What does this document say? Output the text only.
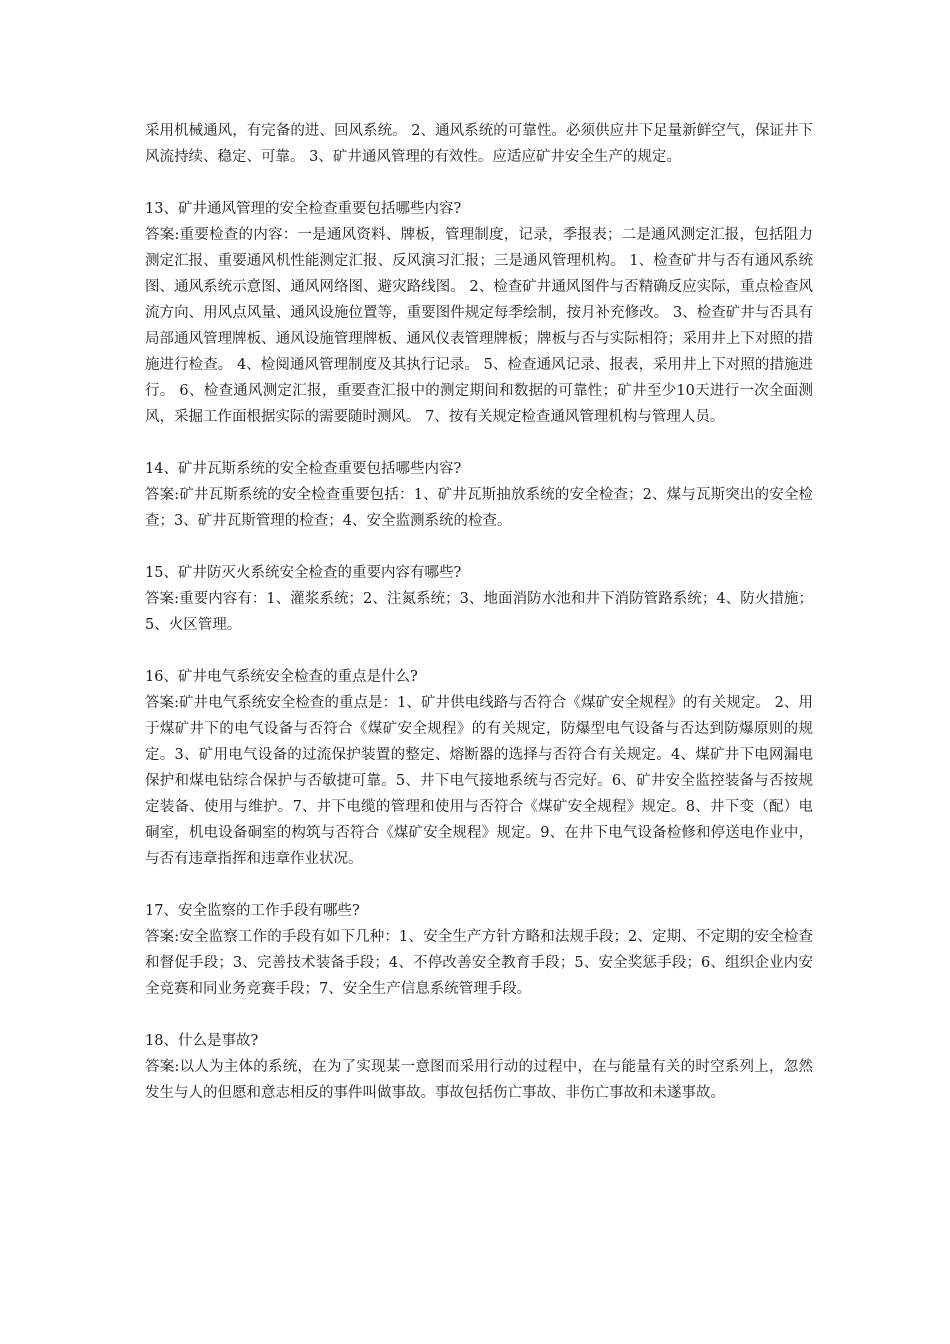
采用机械通风，有完备的进、回风系统。 2、通风系统的可靠性。必须供应井下足量新鲜空气，保证井下风流持续、稳定、可靠。 3、矿井通风管理的有效性。应适应矿井安全生产的规定。

13、矿井通风管理的安全检查重要包括哪些内容?

答案:重要检查的内容：一是通风资料、牌板，管理制度，记录，季报表；二是通风测定汇报，包括阻力测定汇报、重要通风机性能测定汇报、反风演习汇报；三是通风管理机构。 1、检查矿井与否有通风系统图、通风系统示意图、通风网络图、避灾路线图。 2、检查矿井通风图件与否精确反应实际，重点检查风流方向、用风点风量、通风设施位置等，重要图件规定每季绘制，按月补充修改。 3、检查矿井与否具有局部通风管理牌板、通风设施管理牌板、通风仪表管理牌板；牌板与否与实际相符；采用井上下对照的措施进行检查。 4、检阅通风管理制度及其执行记录。 5、检查通风记录、报表，采用井上下对照的措施进行。 6、检查通风测定汇报，重要查汇报中的测定期间和数据的可靠性；矿井至少10天进行一次全面测风，采掘工作面根据实际的需要随时测风。 7、按有关规定检查通风管理机构与管理人员。

14、矿井瓦斯系统的安全检查重要包括哪些内容?

答案:矿井瓦斯系统的安全检查重要包括：1、矿井瓦斯抽放系统的安全检查；2、煤与瓦斯突出的安全检查；3、矿井瓦斯管理的检查；4、安全监测系统的检查。

15、矿井防灭火系统安全检查的重要内容有哪些?

答案:重要内容有：1、灌浆系统；2、注氮系统；3、地面消防水池和井下消防管路系统；4、防火措施； 5、火区管理。

16、矿井电气系统安全检查的重点是什么?

答案:矿井电气系统安全检查的重点是：1、矿井供电线路与否符合《煤矿安全规程》的有关规定。 2、用于煤矿井下的电气设备与否符合《煤矿安全规程》的有关规定，防爆型电气设备与否达到防爆原则的规定。3、矿用电气设备的过流保护装置的整定、熔断器的选择与否符合有关规定。4、煤矿井下电网漏电保护和煤电钻综合保护与否敏捷可靠。5、井下电气接地系统与否完好。6、矿井安全监控装备与否按规定装备、使用与维护。7、井下电缆的管理和使用与否符合《煤矿安全规程》规定。8、井下变（配）电硐室，机电设备硐室的构筑与否符合《煤矿安全规程》规定。9、在井下电气设备检修和停送电作业中，与否有违章指挥和违章作业状况。

17、安全监察的工作手段有哪些?

答案:安全监察工作的手段有如下几种：1、安全生产方针方略和法规手段；2、定期、不定期的安全检查和督促手段；3、完善技术装备手段；4、不停改善安全教育手段；5、安全奖惩手段；6、组织企业内安全竞赛和同业务竞赛手段；7、安全生产信息系统管理手段。

18、什么是事故?

答案:以人为主体的系统，在为了实现某一意图而采用行动的过程中，在与能量有关的时空系列上，忽然发生与人的但愿和意志相反的事件叫做事故。事故包括伤亡事故、非伤亡事故和未遂事故。
